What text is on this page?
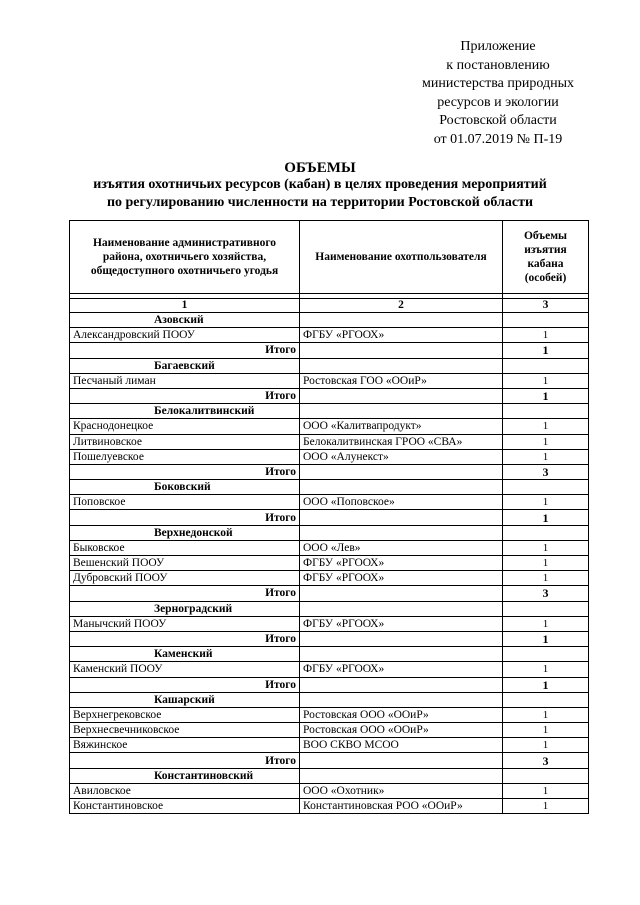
Приложение
к постановлению
министерства природных
ресурсов и экологии
Ростовской области
от 01.07.2019 № П-19
ОБЪЕМЫ
изъятия охотничьих ресурсов (кабан) в целях проведения мероприятий
по регулированию численности на территории Ростовской области
Наименование административного района, охотничьего хозяйства, общедоступного охотничьего угодья	Наименование охотпользователя	Объемы изъятия кабана (особей)

1	2	3
Азовский		
Александровский ПООУ	ФГБУ «РГООХ»	1
Итого		1
Багаевский		
Песчаный лиман	Ростовская ГОО «ООиР»	1
Итого		1
Белокалитвинский		
Краснодонецкое	ООО «Калитвапродукт»	1
Литвиновское	Белокалитвинская ГРОО «СВА»	1
Пошелуевское	ООО «Алунекст»	1
Итого		3
Боковский		
Поповское	ООО «Поповское»	1
Итого		1
Верхнедонской		
Быковское	ООО «Лев»	1
Вешенский ПООУ	ФГБУ «РГООХ»	1
Дубровский ПООУ	ФГБУ «РГООХ»	1
Итого		3
Зерноградский		
Манычский ПООУ	ФГБУ «РГООХ»	1
Итого		1
Каменский		
Каменский ПООУ	ФГБУ «РГООХ»	1
Итого		1
Кашарский		
Верхнегрековское	Ростовская ООО «ООиР»	1
Верхнесвечниковское	Ростовская ООО «ООиР»	1
Вяжинское	ВОО СКВО МСОО	1
Итого		3
Константиновский		
Авиловское	ООО «Охотник»	1
Константиновское	Константиновская РОО «ООиР»	1
